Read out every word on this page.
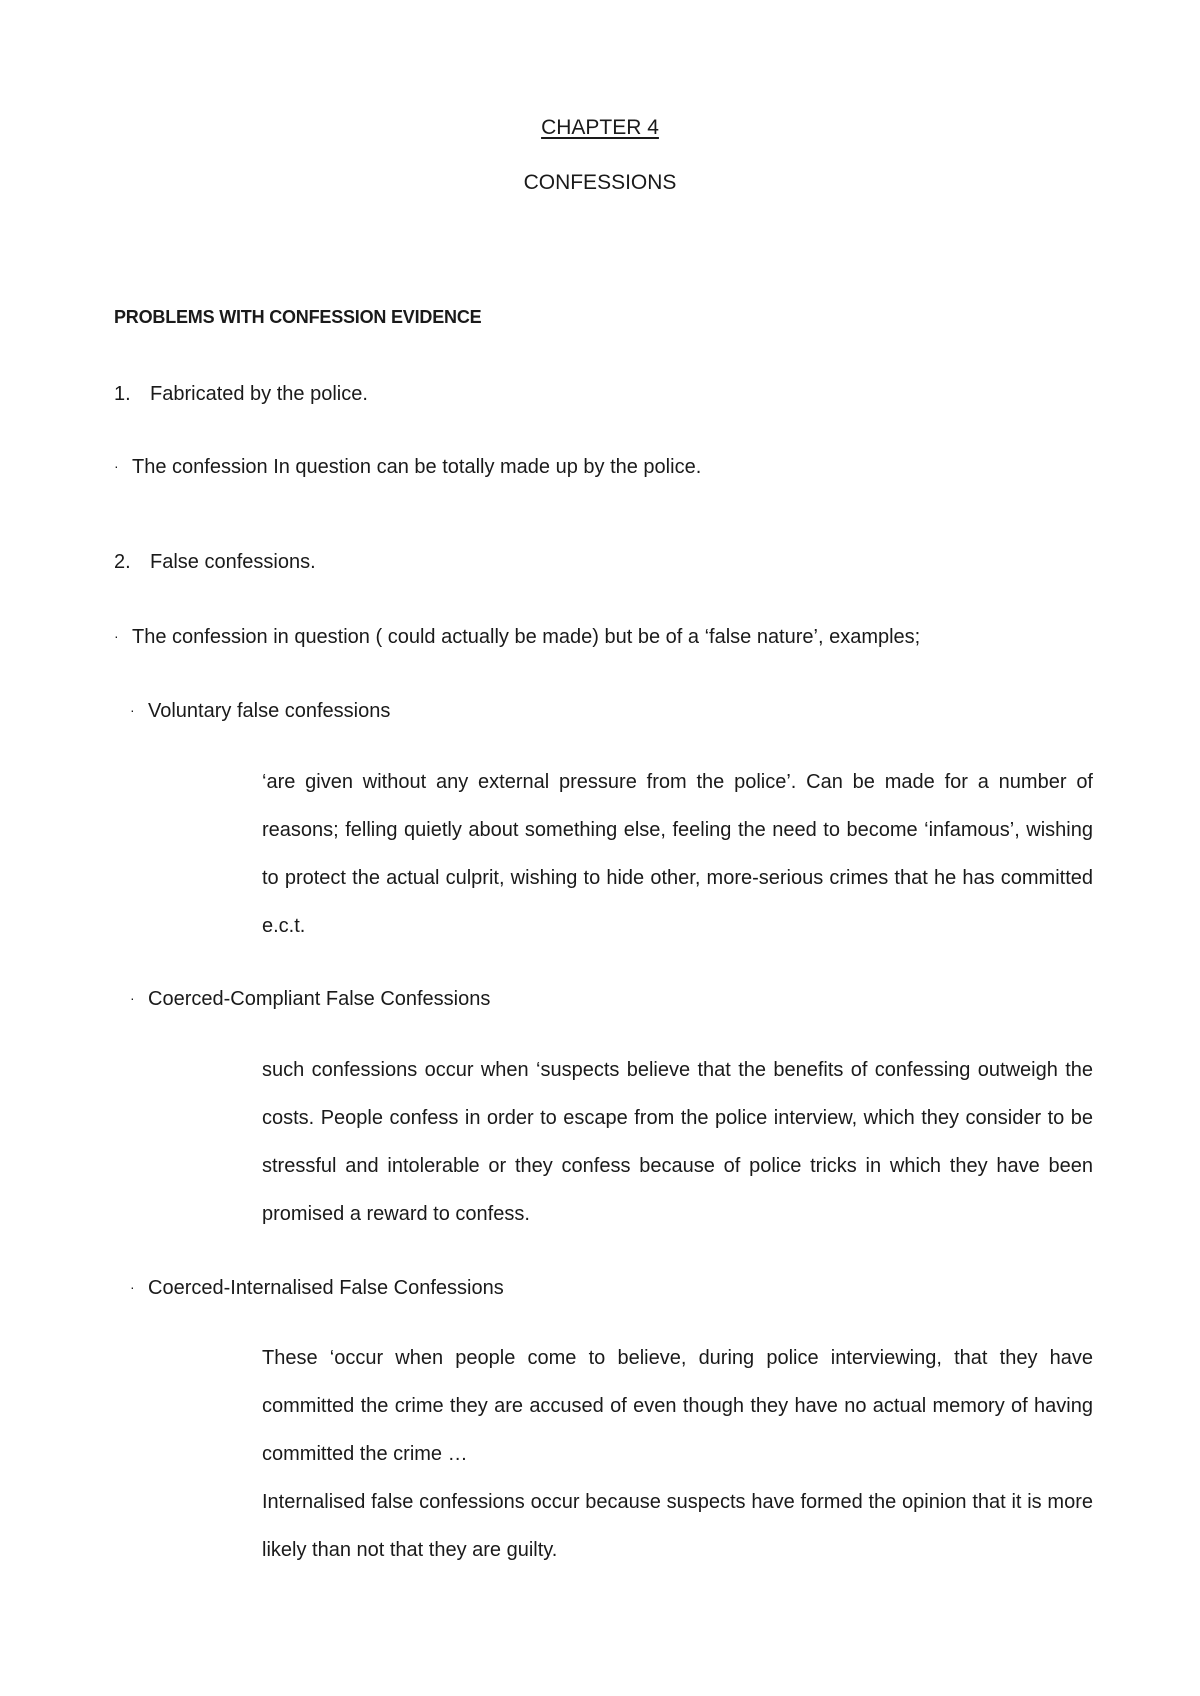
CHAPTER 4
CONFESSIONS
PROBLEMS WITH CONFESSION EVIDENCE
1. Fabricated by the police.
· The confession In question can be totally made up by the police.
2. False confessions.
· The confession in question ( could actually be made) but be of a ‘false nature’, examples;
· Voluntary false confessions

‘are given without any external pressure from the police’. Can be made for a number of reasons; felling quietly about something else, feeling the need to become ‘infamous’, wishing to protect the actual culprit, wishing to hide other, more-serious crimes that he has committed e.c.t.

· Coerced-Compliant False Confessions

such confessions occur when ‘suspects believe that the benefits of confessing outweigh the costs. People confess in order to escape from the police interview, which they consider to be stressful and intolerable or they confess because of police tricks in which they have been promised a reward to confess.

· Coerced-Internalised False Confessions

These ‘occur when people come to believe, during police interviewing, that they have committed the crime they are accused of even though they have no actual memory of having committed the crime …

Internalised false confessions occur because suspects have formed the opinion that it is more likely than not that they are guilty.
